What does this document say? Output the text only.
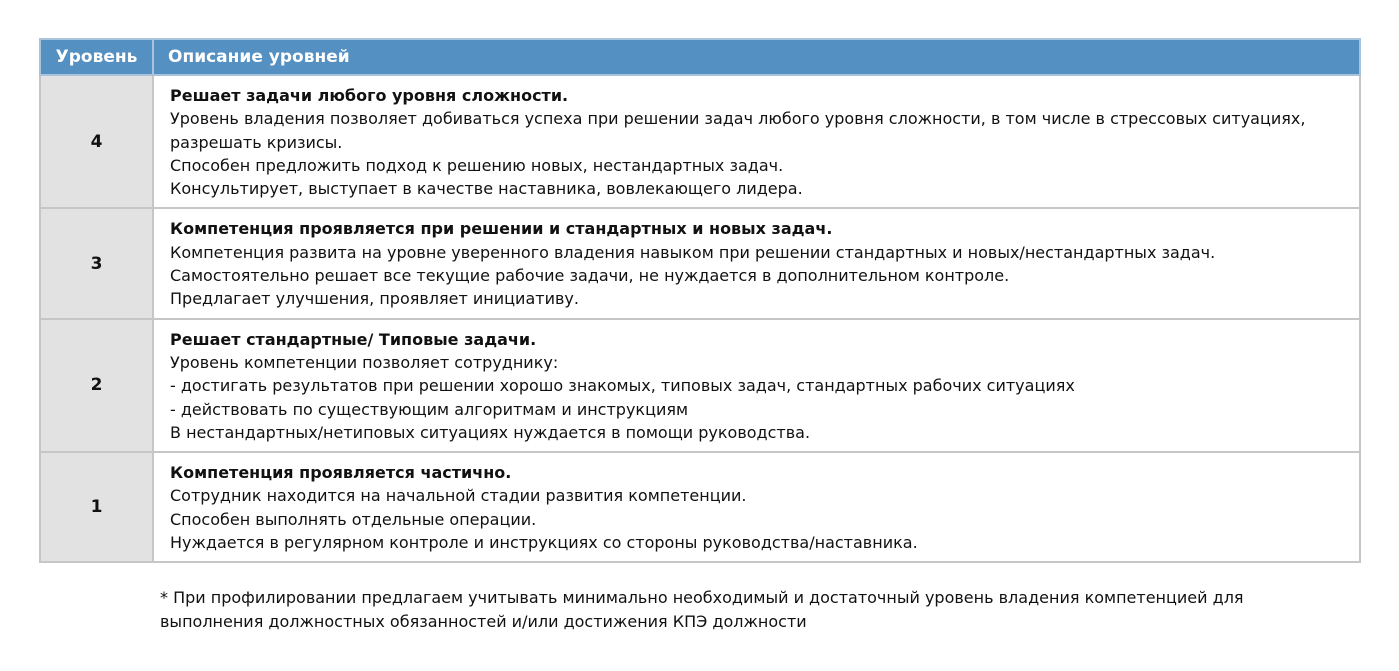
Уровень	Описание уровней
4	Решает задачи любого уровня сложности.
Уровень владения позволяет добиваться успеха при решении задач любого уровня сложности, в том числе в стрессовых ситуациях, разрешать кризисы.
Способен предложить подход к решению новых, нестандартных задач.
Консультирует, выступает в качестве наставника, вовлекающего лидера.

3	Компетенция проявляется при решении и стандартных и новых задач.
Компетенция развита на уровне уверенного владения навыком при решении стандартных и новых/нестандартных задач.
Самостоятельно решает все текущие рабочие задачи, не нуждается в дополнительном контроле.
Предлагает улучшения, проявляет инициативу.

2	Решает стандартные/ Типовые задачи.
Уровень компетенции позволяет сотруднику:
- достигать результатов при решении хорошо знакомых, типовых задач, стандартных рабочих ситуациях
- действовать по существующим алгоритмам и инструкциям
В нестандартных/нетиповых ситуациях нуждается в помощи руководства.

1	Компетенция проявляется частично.
Сотрудник находится на начальной стадии развития компетенции.
Способен выполнять отдельные операции.
Нуждается в регулярном контроле и инструкциях со стороны руководства/наставника.
* При профилировании предлагаем учитывать минимально необходимый и достаточный уровень владения компетенцией для выполнения должностных обязанностей и/или достижения КПЭ должности
